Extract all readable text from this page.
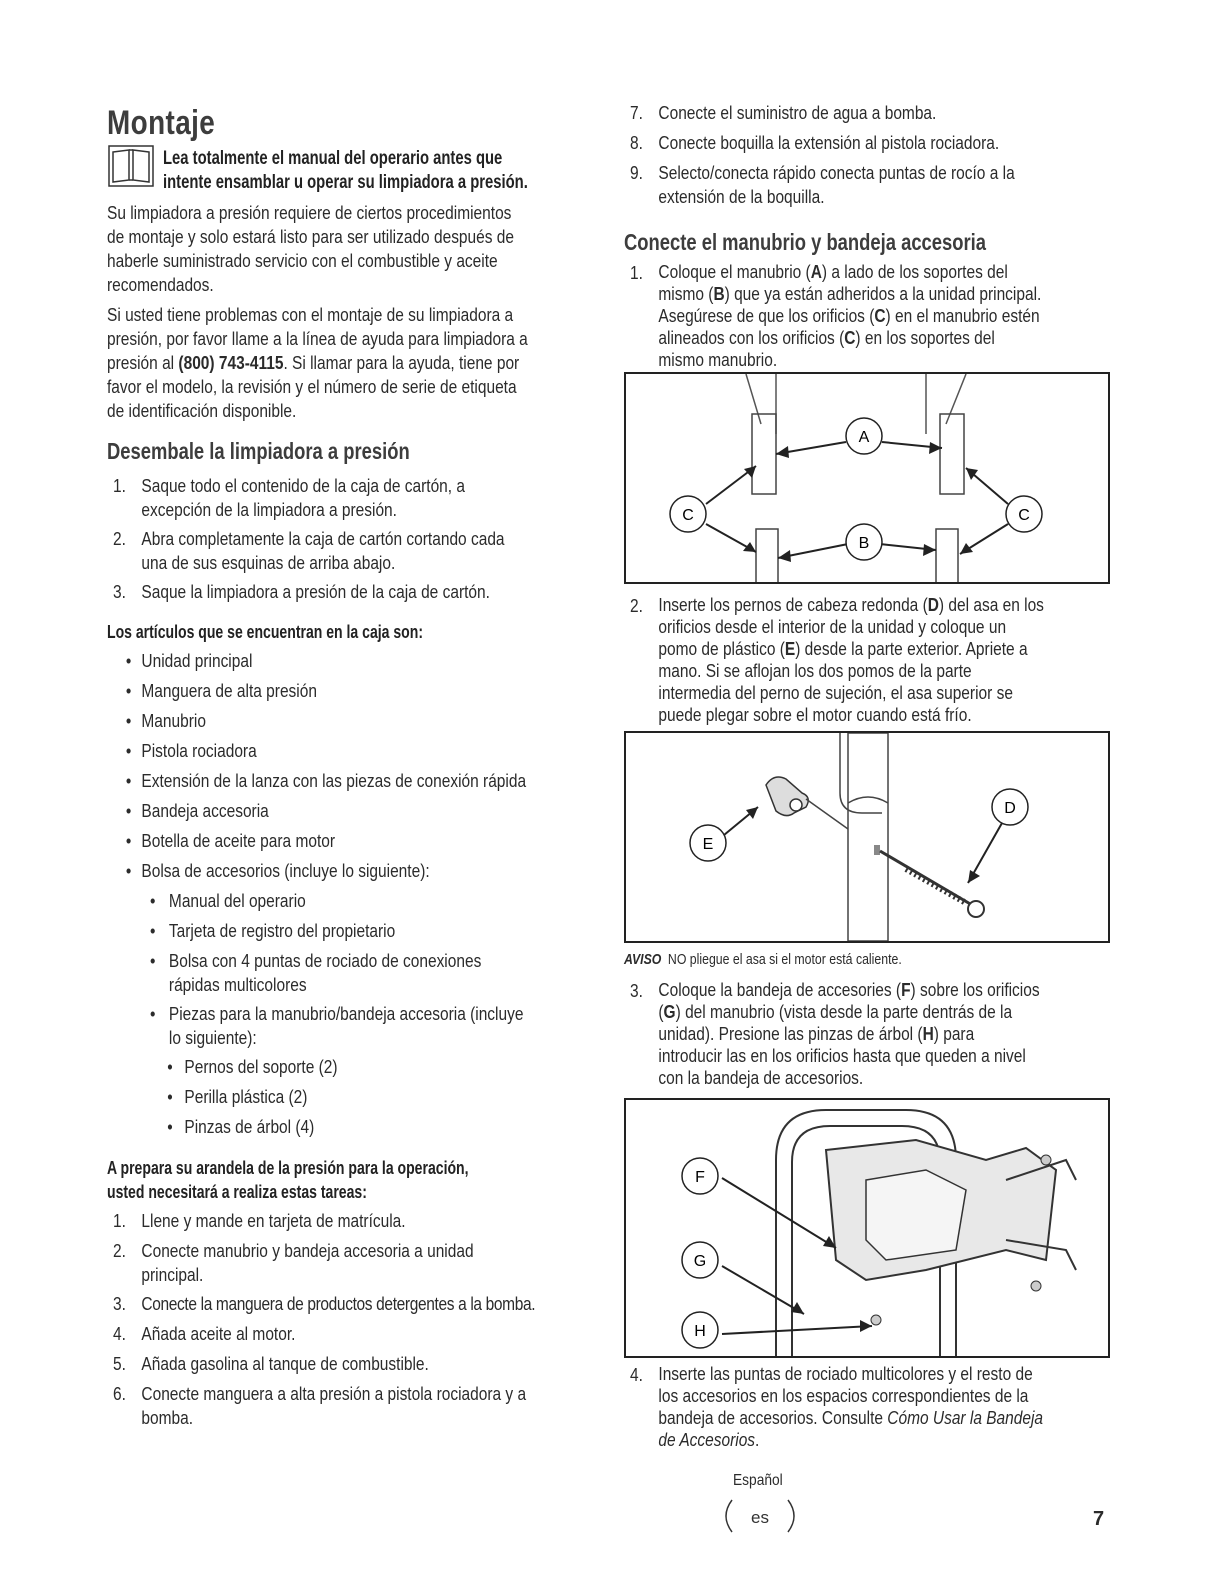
Montaje
Lea totalmente el manual del operario antes que
intente ensamblar u operar su limpiadora a presión.
Su limpiadora a presión requiere de ciertos procedimientos
de montaje y solo estará listo para ser utilizado después de
haberle suministrado servicio con el combustible y aceite
recomendados.
Si usted tiene problemas con el montaje de su limpiadora a
presión, por favor llame a la línea de ayuda para limpiadora a
presión al (800) 743-4115. Si llamar para la ayuda, tiene por
favor el modelo, la revisión y el número de serie de etiqueta
de identificación disponible.
Desembale la limpiadora a presión
1. Saque todo el contenido de la caja de cartón, a
excepción de la limpiadora a presión.
2. Abra completamente la caja de cartón cortando cada
una de sus esquinas de arriba abajo.
3. Saque la limpiadora a presión de la caja de cartón.
Los artículos que se encuentran en la caja son:
• Unidad principal
• Manguera de alta presión
• Manubrio
• Pistola rociadora
• Extensión de la lanza con las piezas de conexión rápida
• Bandeja accesoria
• Botella de aceite para motor
• Bolsa de accesorios (incluye lo siguiente):
• Manual del operario
• Tarjeta de registro del propietario
• Bolsa con 4 puntas de rociado de conexiones
rápidas multicolores
• Piezas para la manubrio/bandeja accesoria (incluye
lo siguiente):
• Pernos del soporte (2)
• Perilla plástica (2)
• Pinzas de árbol (4)
A prepara su arandela de la presión para la operación,
usted necesitará a realiza estas tareas:
1. Llene y mande en tarjeta de matrícula.
2. Conecte manubrio y bandeja accesoria a unidad
principal.
3. Conecte la manguera de productos detergentes a la bomba.
4. Añada aceite al motor.
5. Añada gasolina al tanque de combustible.
6. Conecte manguera a alta presión a pistola rociadora y a
bomba.
7. Conecte el suministro de agua a bomba.
8. Conecte boquilla la extensión al pistola rociadora.
9. Selecto/conecta rápido conecta puntas de rocío a la
extensión de la boquilla.
Conecte el manubrio y bandeja accesoria
1. Coloque el manubrio (A) a lado de los soportes del
mismo (B) que ya están adheridos a la unidad principal.
Asegúrese de que los orificios (C) en el manubrio estén
alineados con los orificios (C) en los soportes del
mismo manubrio.
A
C
B
C
2. Inserte los pernos de cabeza redonda (D) del asa en los
orificios desde el interior de la unidad y coloque un
pomo de plástico (E) desde la parte exterior. Apriete a
mano. Si se aflojan los dos pomos de la parte
intermedia del perno de sujeción, el asa superior se
puede plegar sobre el motor cuando está frío.
E
D
AVISO NO pliegue el asa si el motor está caliente.
3. Coloque la bandeja de accesories (F) sobre los orificios
(G) del manubrio (vista desde la parte dentrás de la
unidad). Presione las pinzas de árbol (H) para
introducir las en los orificios hasta que queden a nivel
con la bandeja de accesorios.
F
G
H
4. Inserte las puntas de rociado multicolores y el resto de
los accesorios en los espacios correspondientes de la
bandeja de accesorios. Consulte Cómo Usar la Bandeja
de Accesorios.
Español
es	7
